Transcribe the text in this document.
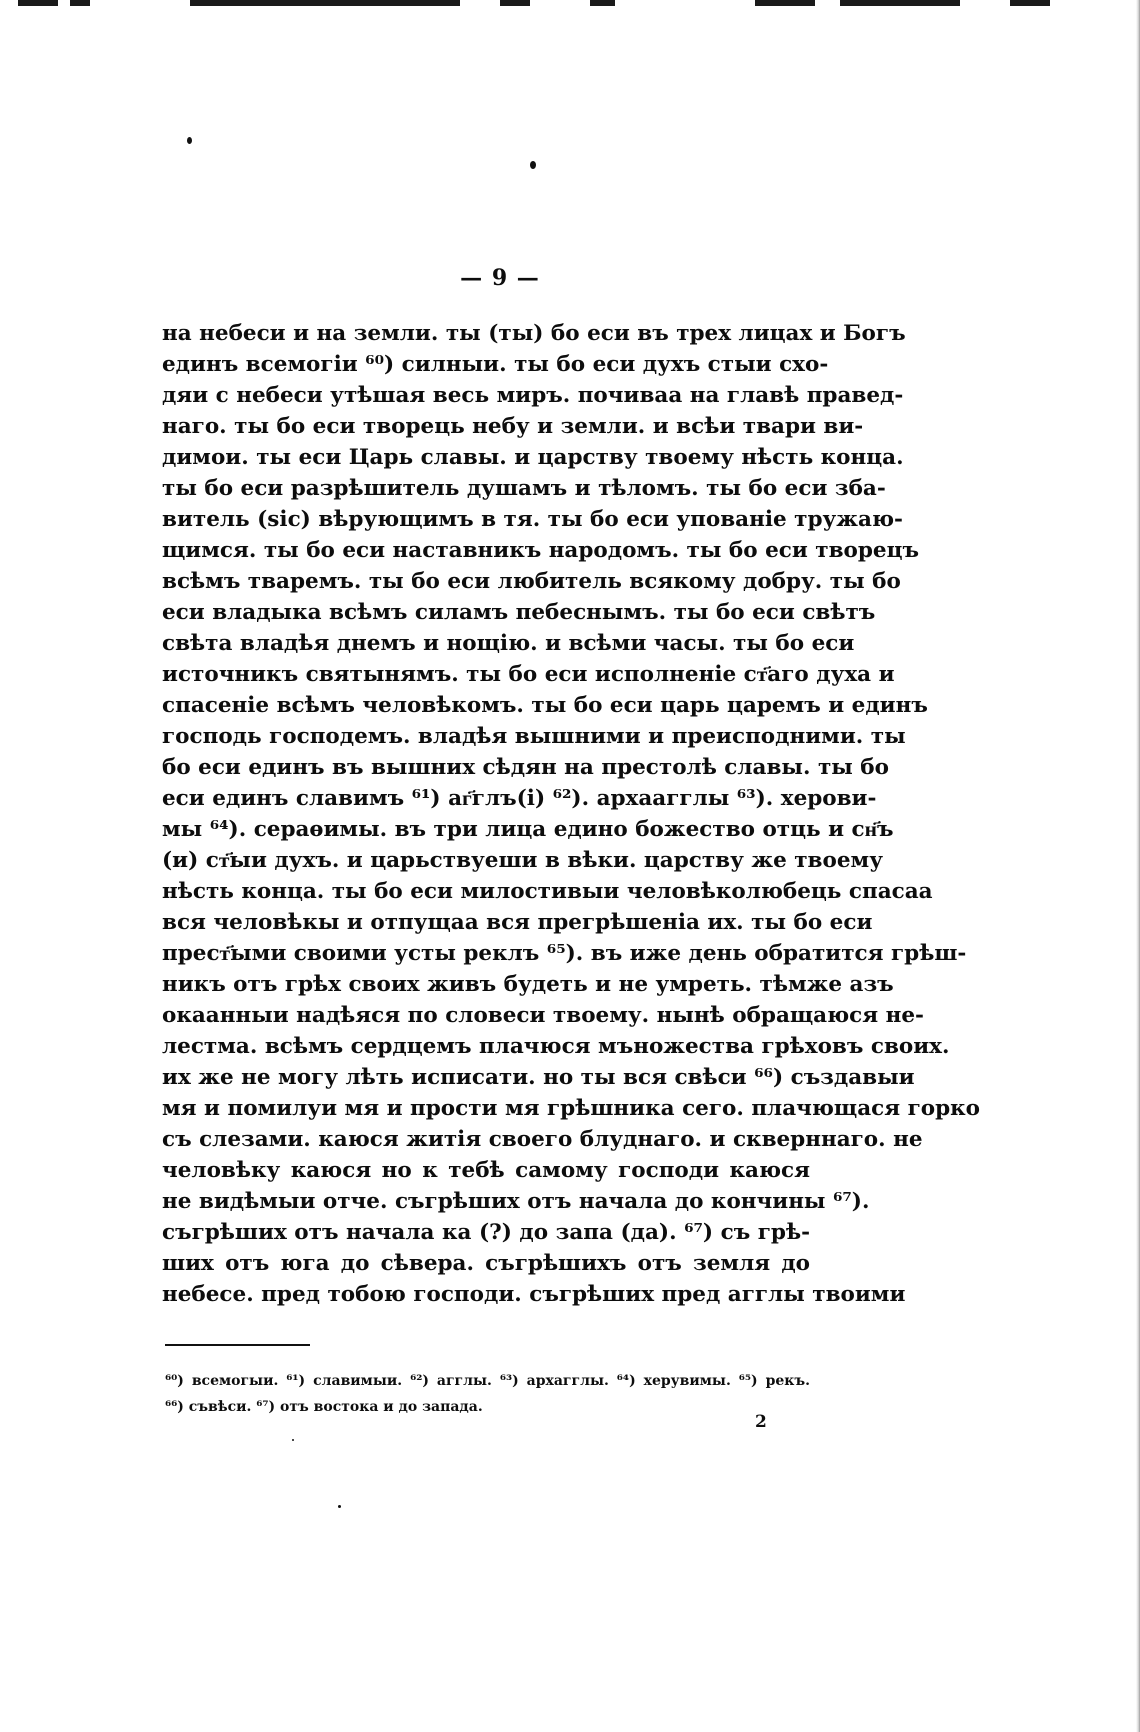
— 9 —
на небеси и на земли. ты (ты) бо еси въ трех лицах и Богъ
единъ всемогіи ⁶⁰) силныи. ты бо еси духъ стыи схо-
дяи с небеси утѣшая весь миръ. почиваа на главѣ правед-
наго. ты бо еси творець небу и земли. и всѣи твари ви-
димои. ты еси Царь славы. и царству твоему нѣсть конца.
ты бо еси разрѣшитель душамъ и тѣломъ. ты бо еси зба-
витель (sic) вѣрующимъ в тя. ты бо еси упованіе тружаю-
щимся. ты бо еси наставникъ народомъ. ты бо еси творецъ
всѣмъ тваремъ. ты бо еси любитель всякому добру. ты бо
еси владыка всѣмъ силамъ пебеснымъ. ты бо еси свѣтъ
свѣта владѣя днемъ и нощію. и всѣми часы. ты бо еси
источникъ святынямъ. ты бо еси исполненіе ст҃аго духа и
спасеніе всѣмъ человѣкомъ. ты бо еси царь царемъ и единъ
господь господемъ. владѣя вышними и преисподними. ты
бо еси единъ въ вышних сѣдян на престолѣ славы. ты бо
еси единъ славимъ ⁶¹) аг҃глъ(і) ⁶²). архаагглы ⁶³). херови-
мы ⁶⁴). сераѳимы. въ три лица едино божество отць и сн҃ъ
(и) ст҃ыи духъ. и царьствуеши в вѣки. царству же твоему
нѣсть конца. ты бо еси милостивыи человѣколюбець спасаа
вся человѣкы и отпущаа вся прегрѣшеніа их. ты бо еси
прест҃ыми своими усты реклъ ⁶⁵). въ иже день обратится грѣш-
никъ отъ грѣх своих живъ будеть и не умреть. тѣмже азъ
окаанныи надѣяся по словеси твоему. нынѣ обращаюся не-
лестма. всѣмъ сердцемъ плачюся мъножества грѣховъ своих.
их же не могу лѣть исписати. но ты вся свѣси ⁶⁶) създавыи
мя и помилуи мя и прости мя грѣшника сего. плачющася горко
съ слезами. каюся житія своего блуднаго. и скверннаго. не
человѣку каюся но к тебѣ самому господи каюся
не видѣмыи отче. съгрѣших отъ начала до кончины ⁶⁷).
съгрѣших отъ начала ка (?) до запа (да). ⁶⁷) съ грѣ-
ших отъ юга до сѣвера. съгрѣшихъ отъ земля до
небесе. пред тобою господи. съгрѣших пред агглы твоими
⁶⁰) всемогыи. ⁶¹) славимыи. ⁶²) агглы. ⁶³) архагглы. ⁶⁴) херувимы. ⁶⁵) рекъ.
⁶⁶) съвѣси. ⁶⁷) отъ востока и до запада.
2
